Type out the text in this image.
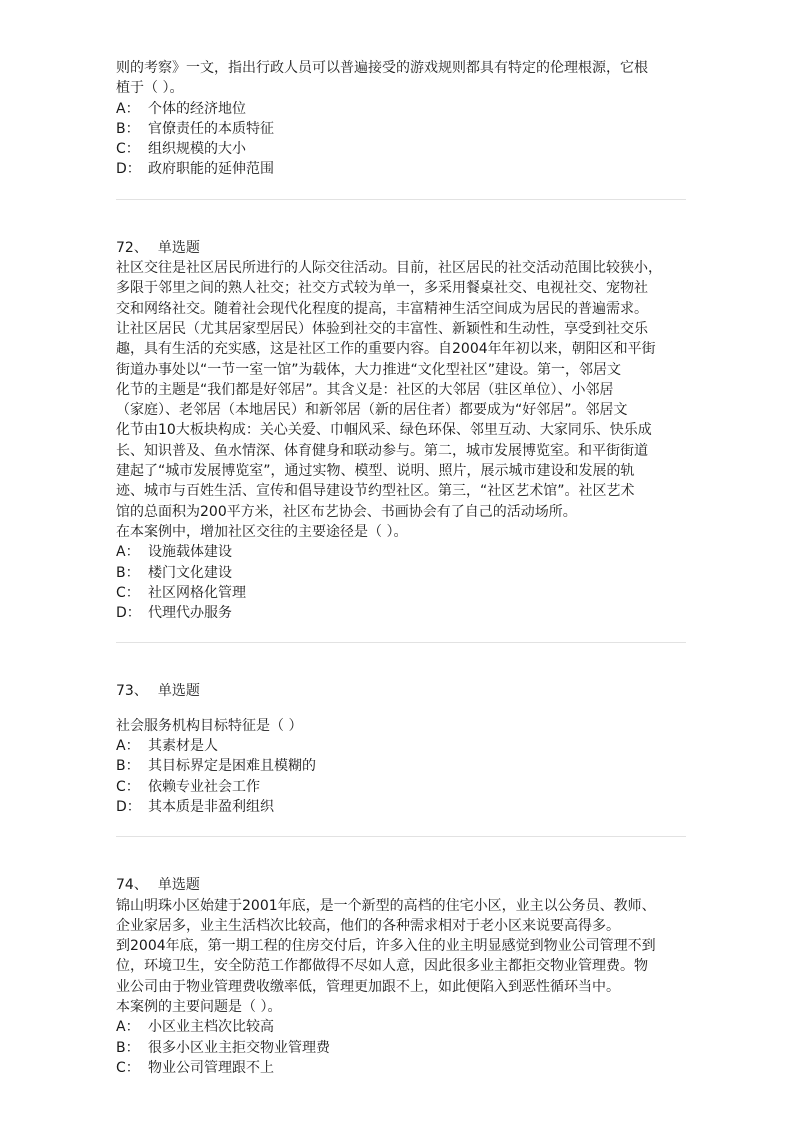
则的考察》一文，指出行政人员可以普遍接受的游戏规则都具有特定的伦理根源，它根

植于（ ）。

A： 个体的经济地位

B： 官僚责任的本质特征

C： 组织规模的大小

D： 政府职能的延伸范围

72、 单选题

社区交往是社区居民所进行的人际交往活动。目前，社区居民的社交活动范围比较狭小，

多限于邻里之间的熟人社交；社交方式较为单一，多采用餐桌社交、电视社交、宠物社

交和网络社交。随着社会现代化程度的提高，丰富精神生活空间成为居民的普遍需求。

让社区居民（尤其居家型居民）体验到社交的丰富性、新颖性和生动性，享受到社交乐

趣，具有生活的充实感，这是社区工作的重要内容。自2004年年初以来，朝阳区和平街

街道办事处以“一节一室一馆”为载体，大力推进“文化型社区”建设。第一，邻居文

化节的主题是“我们都是好邻居”。其含义是：社区的大邻居（驻区单位）、小邻居

（家庭）、老邻居（本地居民）和新邻居（新的居住者）都要成为“好邻居”。邻居文

化节由10大板块构成：关心关爱、巾帼风采、绿色环保、邻里互动、大家同乐、快乐成

长、知识普及、鱼水情深、体育健身和联动参与。第二，城市发展博览室。和平街街道

建起了“城市发展博览室”，通过实物、模型、说明、照片，展示城市建设和发展的轨

迹、城市与百姓生活、宣传和倡导建设节约型社区。第三，“社区艺术馆”。社区艺术

馆的总面积为200平方米，社区布艺协会、书画协会有了自己的活动场所。

在本案例中，增加社区交往的主要途径是（ ）。

A： 设施载体建设

B： 楼门文化建设

C： 社区网格化管理

D： 代理代办服务

73、 单选题

社会服务机构目标特征是（ ）

A： 其素材是人

B： 其目标界定是困难且模糊的

C： 依赖专业社会工作

D： 其本质是非盈利组织

74、 单选题

锦山明珠小区始建于2001年底，是一个新型的高档的住宅小区，业主以公务员、教师、

企业家居多，业主生活档次比较高，他们的各种需求相对于老小区来说要高得多。

到2004年底，第一期工程的住房交付后，许多入住的业主明显感觉到物业公司管理不到

位，环境卫生，安全防范工作都做得不尽如人意，因此很多业主都拒交物业管理费。物

业公司由于物业管理费收缴率低，管理更加跟不上，如此便陷入到恶性循环当中。

本案例的主要问题是（ ）。

A： 小区业主档次比较高

B： 很多小区业主拒交物业管理费

C： 物业公司管理跟不上
